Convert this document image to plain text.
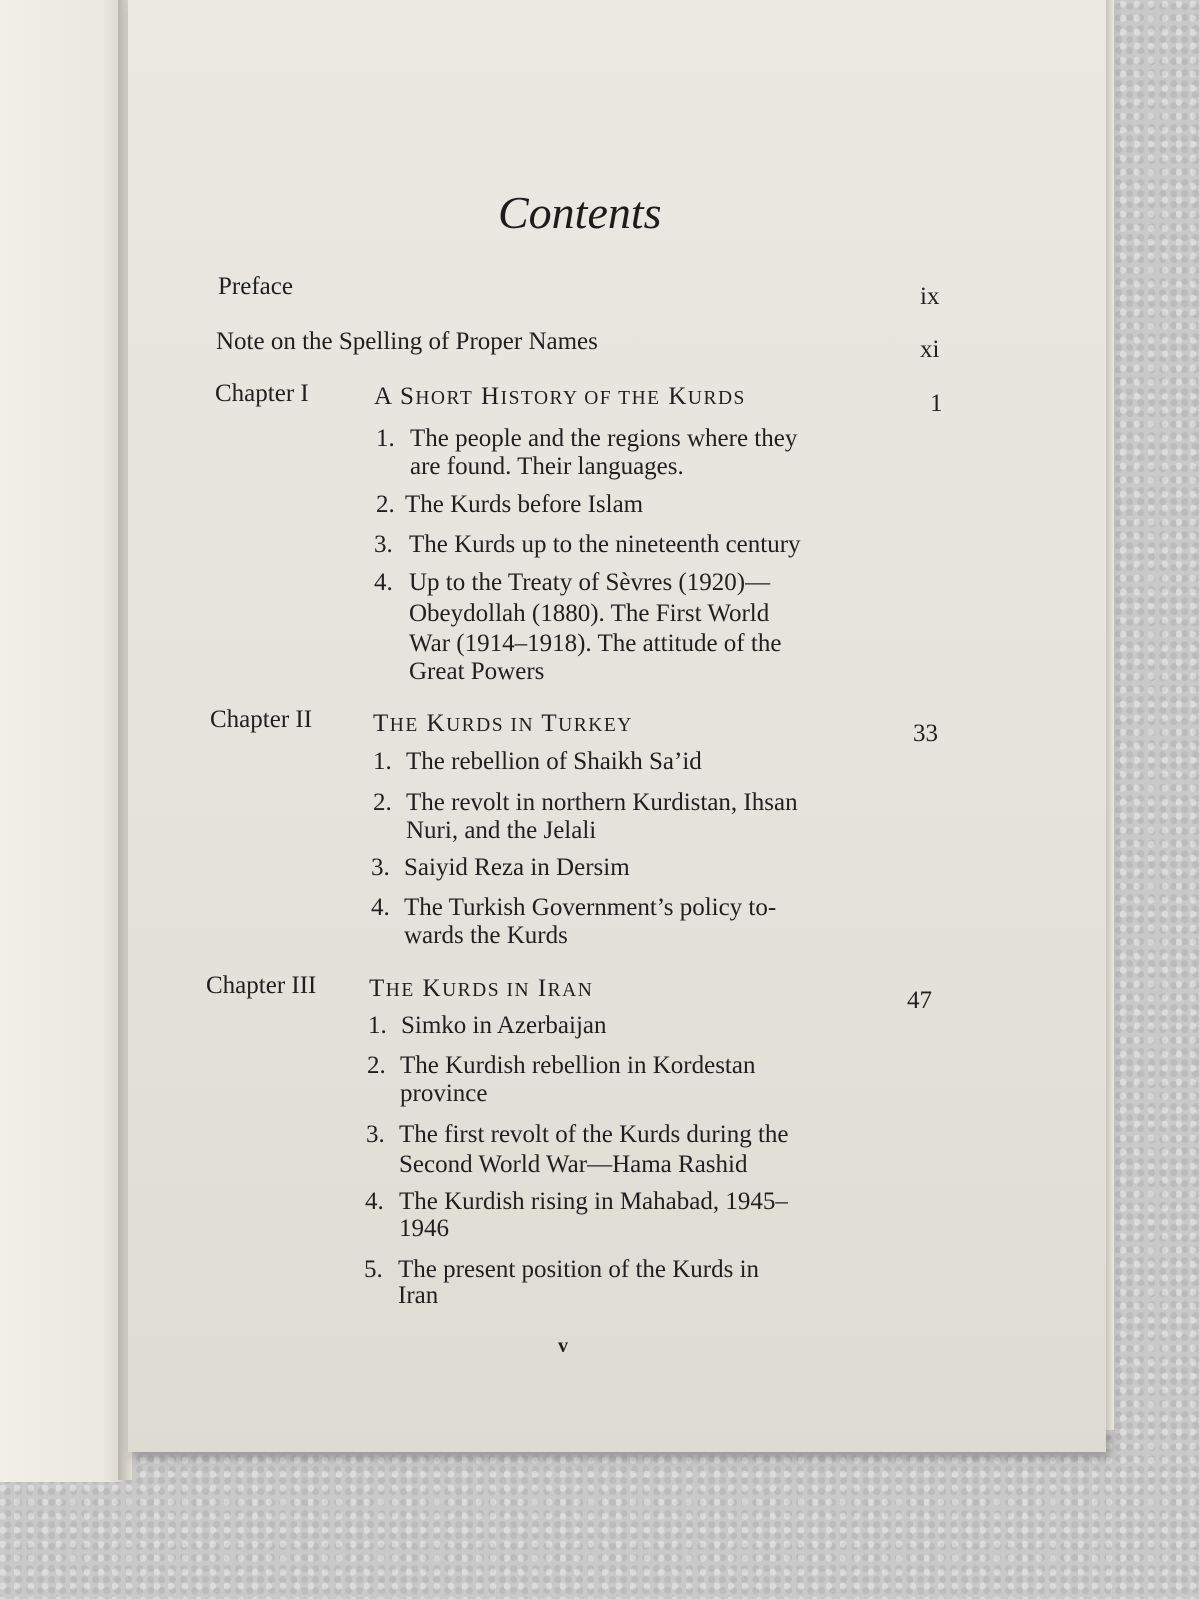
Contents
Preface	ix
Note on the Spelling of Proper Names	xi
Chapter I	A SHORT HISTORY OF THE KURDS	1
1. The people and the regions where they
are found. Their languages.
2. The Kurds before Islam
3. The Kurds up to the nineteenth century
4. Up to the Treaty of Sèvres (1920)—
Obeydollah (1880). The First World
War (1914–1918). The attitude of the
Great Powers
Chapter II THE KURDS IN TURKEY	33
1. The rebellion of Shaikh Sa’id
2. The revolt in northern Kurdistan, Ihsan
Nuri, and the Jelali
3. Saiyid Reza in Dersim
4. The Turkish Government’s policy to-
wards the Kurds
Chapter III THE KURDS IN IRAN	47
1. Simko in Azerbaijan
2. The Kurdish rebellion in Kordestan
province
3. The first revolt of the Kurds during the
Second World War—Hama Rashid
4. The Kurdish rising in Mahabad, 1945–
1946
5. The present position of the Kurds in
Iran
v
